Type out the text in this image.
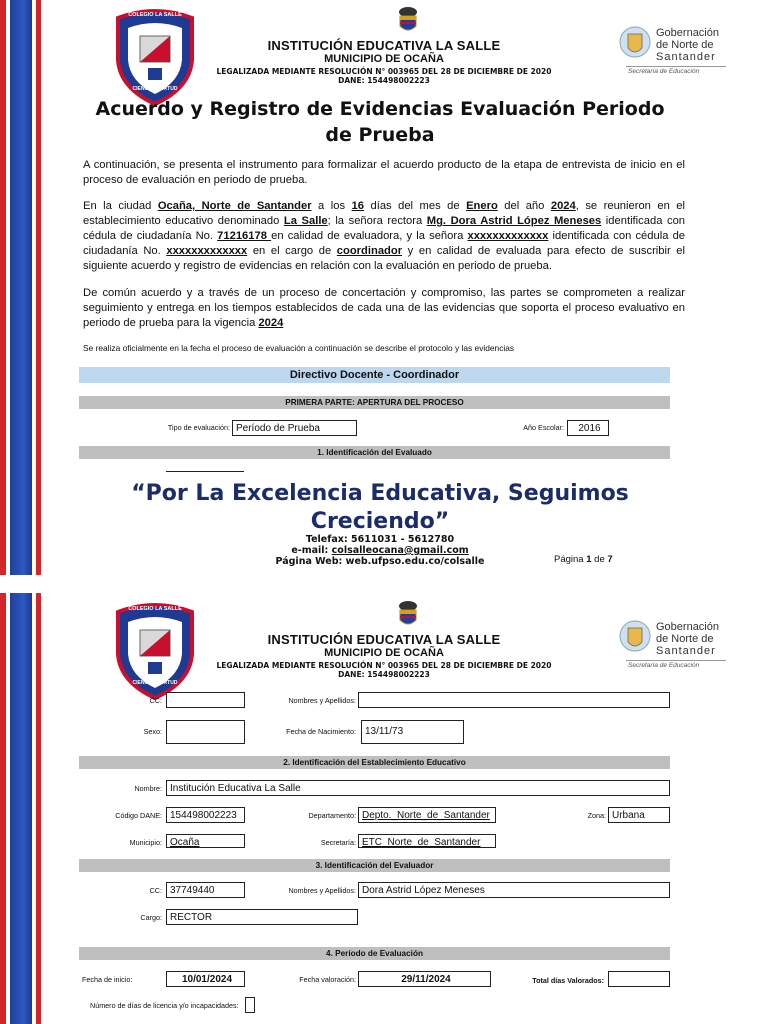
COLEGIO LA SALLE
CIENCIA Y VIRTUD
INSTITUCIÓN EDUCATIVA LA SALLE
MUNICIPIO DE OCAÑA
LEGALIZADA MEDIANTE RESOLUCIÓN N° 003965 DEL 28 DE DICIEMBRE DE 2020
DANE: 154498002223
Gobernación
de Norte de
Santander
Secretaría de Educación
Acuerdo y Registro de Evidencias Evaluación Periodo de Prueba
A continuación, se presenta el instrumento para formalizar el acuerdo producto de la etapa de entrevista de inicio en el proceso de evaluación en periodo de prueba.
En la ciudad Ocaña, Norte de Santander a los 16 días del mes de Enero del año 2024, se reunieron en el establecimiento educativo denominado La Salle; la señora rectora Mg. Dora Astrid López Meneses identificada con cédula de ciudadanía No. 71216178 en calidad de evaluadora, y la señora xxxxxxxxxxxxx identificada con cédula de ciudadanía No. xxxxxxxxxxxxx en el cargo de coordinador y en calidad de evaluada para efecto de suscribir el siguiente acuerdo y registro de evidencias en relación con la evaluación en periodo de prueba.
De común acuerdo y a través de un proceso de concertación y compromiso, las partes se comprometen a realizar seguimiento y entrega en los tiempos establecidos de cada una de las evidencias que soporta el proceso evaluativo en periodo de prueba para la vigencia 2024
Se realiza oficialmente en la fecha el proceso de evaluación a continuación se describe el protocolo y las evidencias
Directivo Docente - Coordinador
PRIMERA PARTE: APERTURA DEL PROCESO
Tipo de evaluación: Período de Prueba	Año Escolar:	2016
1. Identificación del Evaluado
“Por La Excelencia Educativa, Seguimos Creciendo”
Telefax: 5611031 - 5612780
e-mail: colsalleocana@gmail.com
Página Web: web.ufpso.edu.co/colsalle	Página 1 de 7
COLEGIO LA SALLE
CIENCIA Y VIRTUD
INSTITUCIÓN EDUCATIVA LA SALLE
MUNICIPIO DE OCAÑA
LEGALIZADA MEDIANTE RESOLUCIÓN N° 003965 DEL 28 DE DICIEMBRE DE 2020
DANE: 154498002223
Gobernación
de Norte de
Santander
Secretaría de Educación
CC:	Nombres y Apellidos:
Sexo:	Fecha de Nacimiento: 13/11/73
2. Identificación del Establecimiento Educativo
Nombre: Institución Educativa La Salle
Código DANE: 154498002223	Departamento: Depto._Norte_de_Santander	Zona: Urbana
Municipio: Ocaña	Secretaría: ETC_Norte_de_Santander
3. Identificación del Evaluador
CC: 37749440	Nombres y Apellidos: Dora Astrid López Meneses
Cargo: RECTOR
4. Período de Evaluación
Fecha de inicio:	10/01/2024	Fecha valoración:	29/11/2024	Total días Valorados:
Número de días de licencia y/o incapacidades:
